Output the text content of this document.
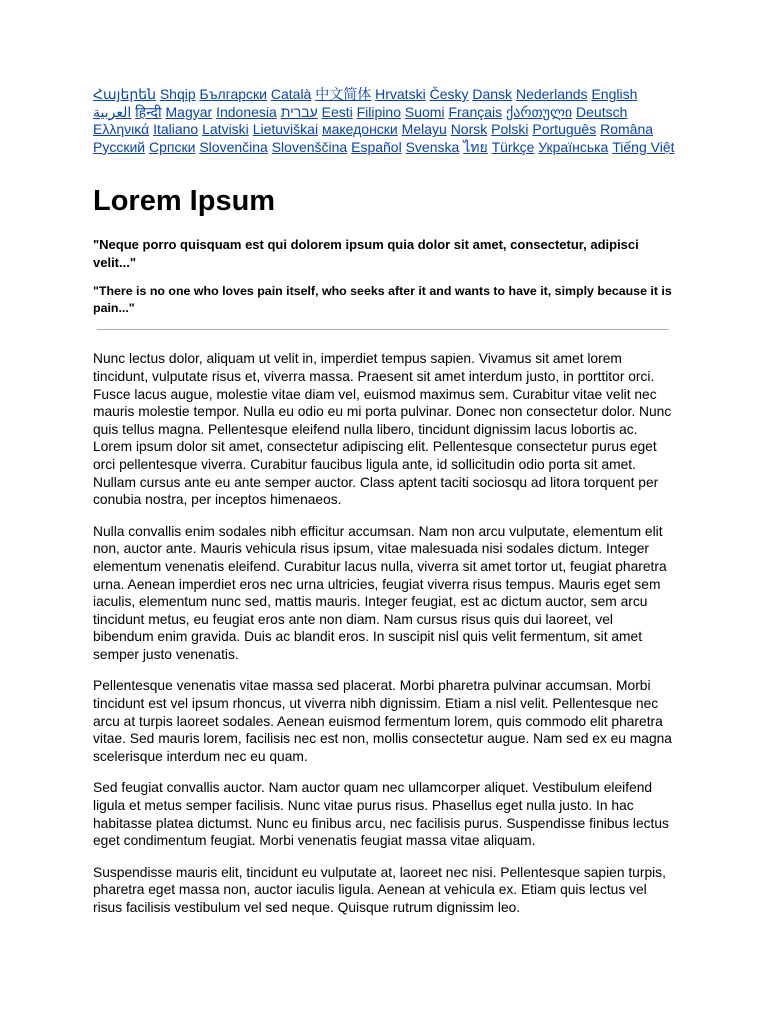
Հայերեն Shqip Български Català 中文简体 Hrvatski Česky Dansk Nederlands English العربية हिन्दी Magyar Indonesia עברית Eesti Filipino Suomi Français ქართული Deutsch Ελληνικά Italiano Latviski Lietuviškai македонски Melayu Norsk Polski Português Româna Pyccкий Српски Slovenčina Slovenščina Español Svenska ไทย Türkçe Українська Tiếng Việt
Lorem Ipsum
"Neque porro quisquam est qui dolorem ipsum quia dolor sit amet, consectetur, adipisci velit..."
"There is no one who loves pain itself, who seeks after it and wants to have it, simply because it is pain..."

Nunc lectus dolor, aliquam ut velit in, imperdiet tempus sapien. Vivamus sit amet lorem tincidunt, vulputate risus et, viverra massa. Praesent sit amet interdum justo, in porttitor orci. Fusce lacus augue, molestie vitae diam vel, euismod maximus sem. Curabitur vitae velit nec mauris molestie tempor. Nulla eu odio eu mi porta pulvinar. Donec non consectetur dolor. Nunc quis tellus magna. Pellentesque eleifend nulla libero, tincidunt dignissim lacus lobortis ac. Lorem ipsum dolor sit amet, consectetur adipiscing elit. Pellentesque consectetur purus eget orci pellentesque viverra. Curabitur faucibus ligula ante, id sollicitudin odio porta sit amet. Nullam cursus ante eu ante semper auctor. Class aptent taciti sociosqu ad litora torquent per conubia nostra, per inceptos himenaeos.

Nulla convallis enim sodales nibh efficitur accumsan. Nam non arcu vulputate, elementum elit non, auctor ante. Mauris vehicula risus ipsum, vitae malesuada nisi sodales dictum. Integer elementum venenatis eleifend. Curabitur lacus nulla, viverra sit amet tortor ut, feugiat pharetra urna. Aenean imperdiet eros nec urna ultricies, feugiat viverra risus tempus. Mauris eget sem iaculis, elementum nunc sed, mattis mauris. Integer feugiat, est ac dictum auctor, sem arcu tincidunt metus, eu feugiat eros ante non diam. Nam cursus risus quis dui laoreet, vel bibendum enim gravida. Duis ac blandit eros. In suscipit nisl quis velit fermentum, sit amet semper justo venenatis.

Pellentesque venenatis vitae massa sed placerat. Morbi pharetra pulvinar accumsan. Morbi tincidunt est vel ipsum rhoncus, ut viverra nibh dignissim. Etiam a nisl velit. Pellentesque nec arcu at turpis laoreet sodales. Aenean euismod fermentum lorem, quis commodo elit pharetra vitae. Sed mauris lorem, facilisis nec est non, mollis consectetur augue. Nam sed ex eu magna scelerisque interdum nec eu quam.

Sed feugiat convallis auctor. Nam auctor quam nec ullamcorper aliquet. Vestibulum eleifend ligula et metus semper facilisis. Nunc vitae purus risus. Phasellus eget nulla justo. In hac habitasse platea dictumst. Nunc eu finibus arcu, nec facilisis purus. Suspendisse finibus lectus eget condimentum feugiat. Morbi venenatis feugiat massa vitae aliquam.

Suspendisse mauris elit, tincidunt eu vulputate at, laoreet nec nisi. Pellentesque sapien turpis, pharetra eget massa non, auctor iaculis ligula. Aenean at vehicula ex. Etiam quis lectus vel risus facilisis vestibulum vel sed neque. Quisque rutrum dignissim leo.
